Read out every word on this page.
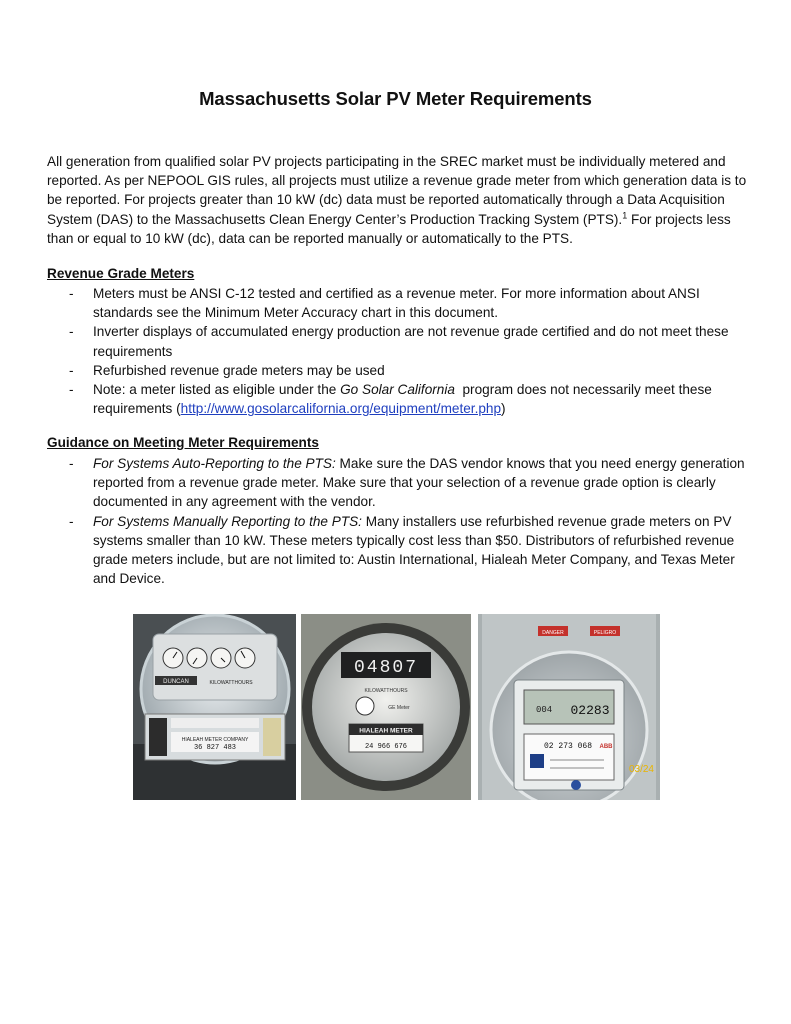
Massachusetts Solar PV Meter Requirements

All generation from qualified solar PV projects participating in the SREC market must be individually metered and reported. As per NEPOOL GIS rules, all projects must utilize a revenue grade meter from which generation data is to be reported. For projects greater than 10 kW (dc) data must be reported automatically through a Data Acquisition System (DAS) to the Massachusetts Clean Energy Center’s Production Tracking System (PTS).$^1$ For projects less than or equal to 10 kW (dc), data can be reported manually or automatically to the PTS.

Revenue Grade Meters

- Meters must be ANSI C-12 tested and certified as a revenue meter. For more information about ANSI standards see the Minimum Meter Accuracy chart in this document.
- Inverter displays of accumulated energy production are not revenue grade certified and do not meet these requirements
- Refurbished revenue grade meters may be used
- Note: a meter listed as eligible under the Go Solar California  program does not necessarily meet these requirements (http://www.gosolarcalifornia.org/equipment/meter.php)

Guidance on Meeting Meter Requirements

- For Systems Auto-Reporting to the PTS: Make sure the DAS vendor knows that you need energy generation reported from a revenue grade meter. Make sure that your selection of a revenue grade option is clearly documented in any agreement with the vendor.
- For Systems Manually Reporting to the PTS: Many installers use refurbished revenue grade meters on PV systems smaller than 10 kW. These meters typically cost less than $50. Distributors of refurbished revenue grade meters include, but are not limited to: Austin International, Hialeah Meter Company, and Texas Meter and Device.
DUNCAN	KILOWATTHOURS
HIALEAH METER COMPANY
36 827 483
04807
KILOWATTHOURS
GE Meter
HIALEAH METER
24 966 676
DANGER	PELIGRO
004 02283
02 273 068 ABB
03/24
